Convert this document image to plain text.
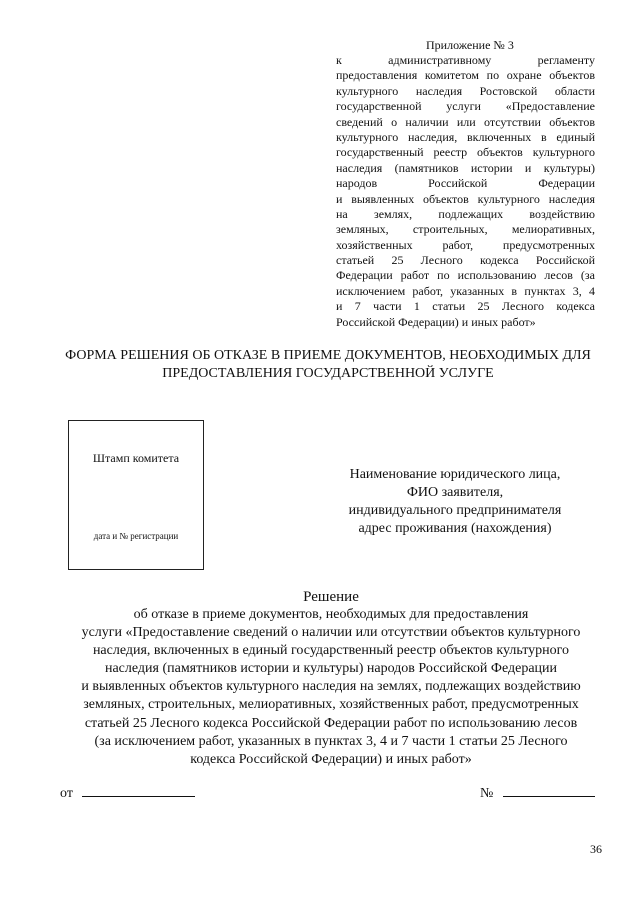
Приложение № 3
к административному регламенту
предоставления комитетом по охране объектов
культурного наследия Ростовской области
государственной услуги «Предоставление
сведений о наличии или отсутствии объектов
культурного наследия, включенных в единый
государственный реестр объектов культурного
наследия (памятников истории и культуры)
народов Российской Федерации
и выявленных объектов культурного наследия
на землях, подлежащих воздействию
земляных, строительных, мелиоративных,
хозяйственных работ, предусмотренных
статьей 25 Лесного кодекса Российской
Федерации работ по использованию лесов (за
исключением работ, указанных в пунктах 3, 4
и 7 части 1 статьи 25 Лесного кодекса
Российской Федерации) и иных работ»
ФОРМА РЕШЕНИЯ ОБ ОТКАЗЕ В ПРИЕМЕ ДОКУМЕНТОВ, НЕОБХОДИМЫХ ДЛЯ
ПРЕДОСТАВЛЕНИЯ ГОСУДАРСТВЕННОЙ УСЛУГЕ
Штамп комитета
дата и № регистрации
Наименование юридического лица,
ФИО заявителя,
индивидуального предпринимателя
адрес проживания (нахождения)
Решение
об отказе в приеме документов, необходимых для предоставления
услуги «Предоставление сведений о наличии или отсутствии объектов культурного
наследия, включенных в единый государственный реестр объектов культурного
наследия (памятников истории и культуры) народов Российской Федерации
и выявленных объектов культурного наследия на землях, подлежащих воздействию
земляных, строительных, мелиоративных, хозяйственных работ, предусмотренных
статьей 25 Лесного кодекса Российской Федерации работ по использованию лесов
(за исключением работ, указанных в пунктах 3, 4 и 7 части 1 статьи 25 Лесного
кодекса Российской Федерации) и иных работ»
от	№
36
